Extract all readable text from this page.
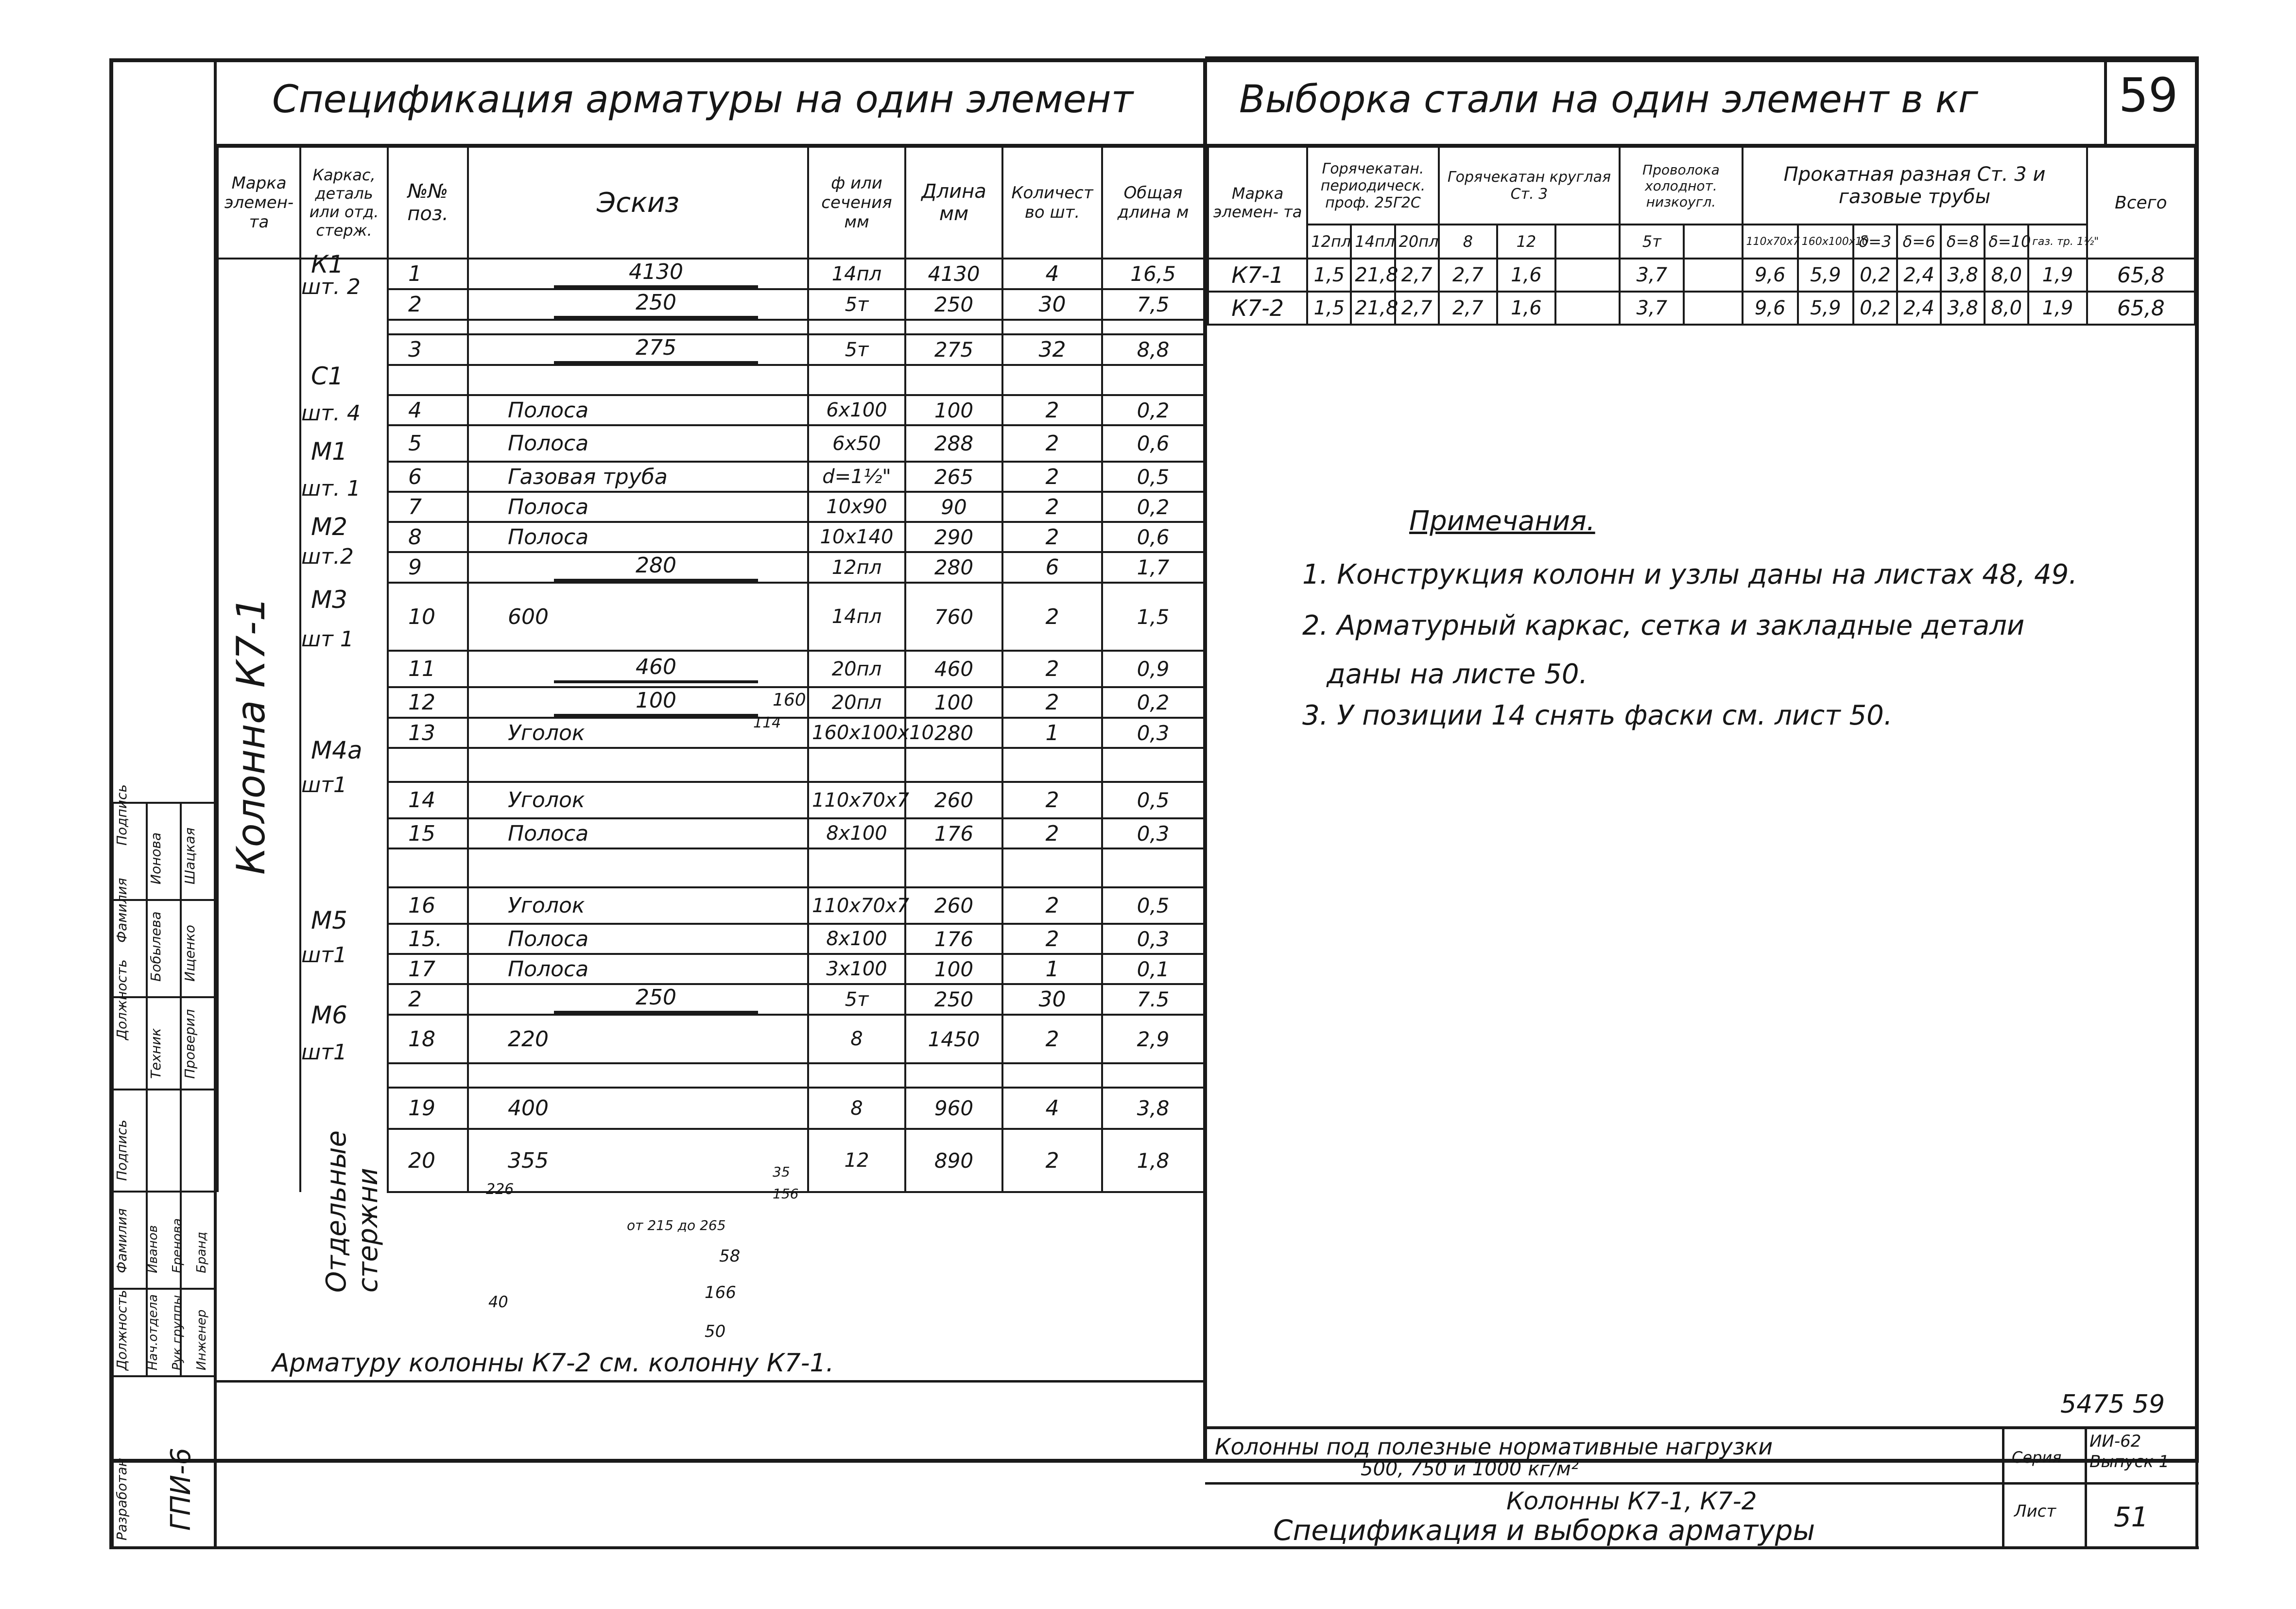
59
Спецификация арматуры на один элемент
Марка элемен- та	Каркас, деталь или отд. стерж.	№№ поз.	Эскиз	ф или сечения мм	Длина мм	Количест во шт.	Общая длина м
		1	4130	14пл	4130	4	16,5
		2	250	5т	250	30	7,5

		3	275	5т	275	32	8,8

		4	Полоса	6х100	100	2	0,2
		5	Полоса	6х50	288	2	0,6
		6	Газовая труба	d=1½"	265	2	0,5
		7	Полоса	10х90	90	2	0,2
		8	Полоса	10х140	290	2	0,6
		9	280	12пл	280	6	1,7
		10	600	14пл	760	2	1,5
		11	460	20пл	460	2	0,9
		12	100	20пл	100	2	0,2
		13	Уголок	160х100х10	280	1	0,3

		14	Уголок	110х70х7	260	2	0,5
		15	Полоса	8х100	176	2	0,3

		16	Уголок	110х70х7	260	2	0,5
		15.	Полоса	8х100	176	2	0,3
		17	Полоса	3х100	100	1	0,1
		2	250	5т	250	30	7.5
		18	220	8	1450	2	2,9

		19	400	8	960	4	3,8
		20	355	12	890	2	1,8
Колонна К7-1
Отдельные стержни
К1
шт. 2
С1
шт. 4
М1
шт. 1
М2
шт.2
М3
шт 1
М4а
шт1
М5
шт1
М6
шт1
Арматуру колонны К7-2 см. колонну К7-1.
Выборка стали на один элемент в кг
Марка элемен- та	Горячекатан. периодическ. проф. 25Г2С			Горячекатан круглая Ст. 3			Проволока холоднот. низкоугл.		Прокатная разная Ст. 3 и газовые трубы							Всего
	12пл	14пл	20пл	8	12		5т		110х70х7	160х100х10	δ=3	δ=6	δ=8	δ=10	газ. тр. 1½"	
К7-1	1,5	21,8	2,7	2,7	1,6		3,7		9,6	5,9	0,2	2,4	3,8	8,0	1,9	65,8
К7-2	1,5	21,8	2,7	2,7	1,6		3,7		9,6	5,9	0,2	2,4	3,8	8,0	1,9	65,8
Примечания.
1. Конструкция колонн и узлы даны на листах 48, 49.
2. Арматурный каркас, сетка и закладные детали
даны на листе 50.
3. У позиции 14 снять фаски см. лист 50.
5475 59
Колонны под полезные нормативные нагрузки
500, 750 и 1000 кг/м²
Колонны К7-1, К7-2
Спецификация и выборка арматуры
Серия
ИИ-62 Выпуск 1
Лист 51
Должность
Фамилия
Подпись
Должность
Фамилия
Подпись
Техник Проверил
Бобылева Ищенко
Ионова Шацкая
Нач.отдела Рук.группы Инженер
Иванов Еренова Бранд
Разработан ГПИ-6
160
114
226
35
156
от 215 до 265
58
40	166
50
